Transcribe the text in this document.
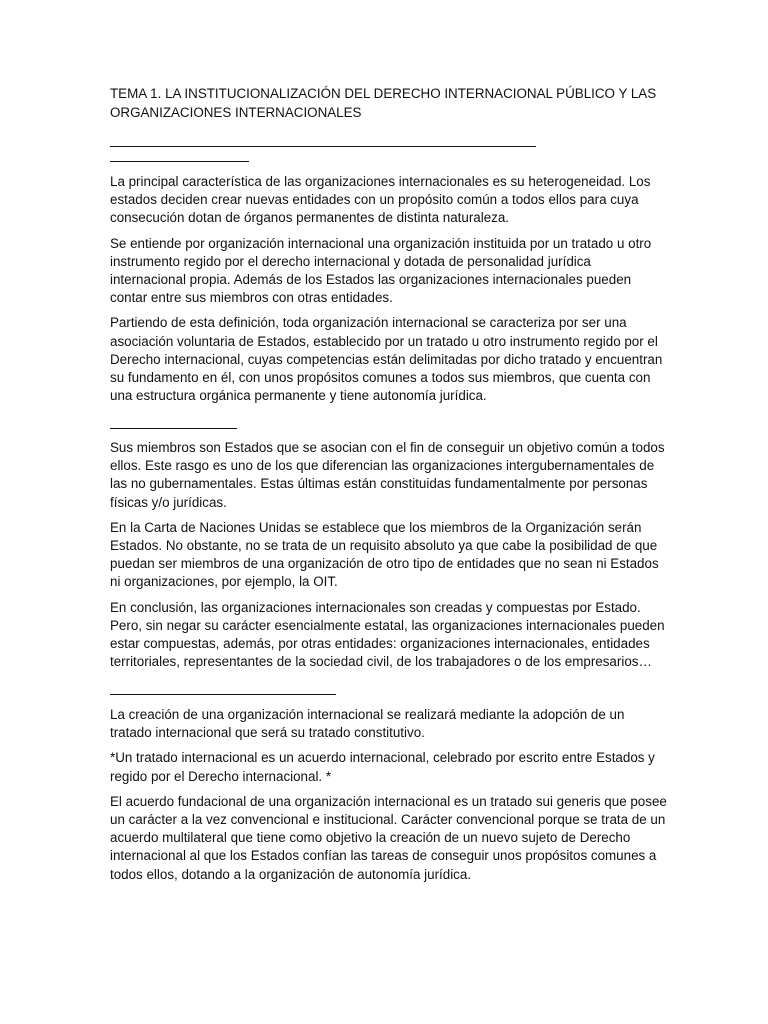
TEMA 1. LA INSTITUCIONALIZACIÓN DEL DERECHO INTERNACIONAL PÚBLICO Y LAS ORGANIZACIONES INTERNACIONALES

La principal característica de las organizaciones internacionales es su heterogeneidad. Los estados deciden crear nuevas entidades con un propósito común a todos ellos para cuya consecución dotan de órganos permanentes de distinta naturaleza.

Se entiende por organización internacional una organización instituida por un tratado u otro instrumento regido por el derecho internacional y dotada de personalidad jurídica internacional propia. Además de los Estados las organizaciones internacionales pueden contar entre sus miembros con otras entidades.

Partiendo de esta definición, toda organización internacional se caracteriza por ser una asociación voluntaria de Estados, establecido por un tratado u otro instrumento regido por el Derecho internacional, cuyas competencias están delimitadas por dicho tratado y encuentran su fundamento en él, con unos propósitos comunes a todos sus miembros, que cuenta con una estructura orgánica permanente y tiene autonomía jurídica.

Sus miembros son Estados que se asocian con el fin de conseguir un objetivo común a todos ellos. Este rasgo es uno de los que diferencian las organizaciones intergubernamentales de las no gubernamentales. Estas últimas están constituidas fundamentalmente por personas físicas y/o jurídicas.

En la Carta de Naciones Unidas se establece que los miembros de la Organización serán Estados. No obstante, no se trata de un requisito absoluto ya que cabe la posibilidad de que puedan ser miembros de una organización de otro tipo de entidades que no sean ni Estados ni organizaciones, por ejemplo, la OIT.

En conclusión, las organizaciones internacionales son creadas y compuestas por Estado. Pero, sin negar su carácter esencialmente estatal, las organizaciones internacionales pueden estar compuestas, además, por otras entidades: organizaciones internacionales, entidades territoriales, representantes de la sociedad civil, de los trabajadores o de los empresarios…

La creación de una organización internacional se realizará mediante la adopción de un tratado internacional que será su tratado constitutivo.

*Un tratado internacional es un acuerdo internacional, celebrado por escrito entre Estados y regido por el Derecho internacional. *

El acuerdo fundacional de una organización internacional es un tratado sui generis que posee un carácter a la vez convencional e institucional. Carácter convencional porque se trata de un acuerdo multilateral que tiene como objetivo la creación de un nuevo sujeto de Derecho internacional al que los Estados confían las tareas de conseguir unos propósitos comunes a todos ellos, dotando a la organización de autonomía jurídica.
